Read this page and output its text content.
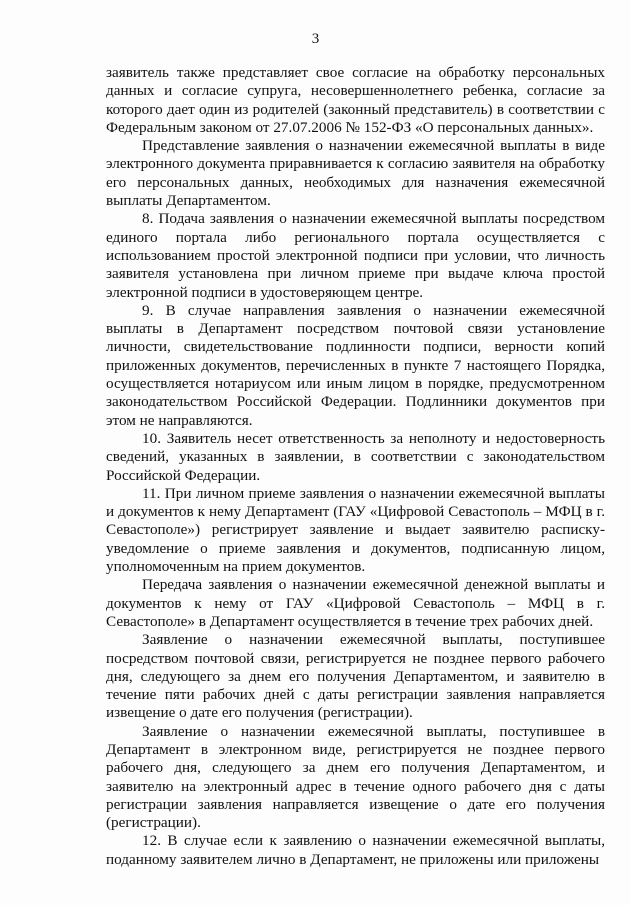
3

заявитель также представляет свое согласие на обработку персональных данных и согласие супруга, несовершеннолетнего ребенка, согласие за которого дает один из родителей (законный представитель) в соответствии с Федеральным законом от 27.07.2006 № 152-ФЗ «О персональных данных».

Представление заявления о назначении ежемесячной выплаты в виде электронного документа приравнивается к согласию заявителя на обработку его персональных данных, необходимых для назначения ежемесячной выплаты Департаментом.

8. Подача заявления о назначении ежемесячной выплаты посредством единого портала либо регионального портала осуществляется с использованием простой электронной подписи при условии, что личность заявителя установлена при личном приеме при выдаче ключа простой электронной подписи в удостоверяющем центре.

9. В случае направления заявления о назначении ежемесячной выплаты в Департамент посредством почтовой связи установление личности, свидетельствование подлинности подписи, верности копий приложенных документов, перечисленных в пункте 7 настоящего Порядка, осуществляется нотариусом или иным лицом в порядке, предусмотренном законодательством Российской Федерации. Подлинники документов при этом не направляются.

10. Заявитель несет ответственность за неполноту и недостоверность сведений, указанных в заявлении, в соответствии с законодательством Российской Федерации.

11. При личном приеме заявления о назначении ежемесячной выплаты и документов к нему Департамент (ГАУ «Цифровой Севастополь – МФЦ в г. Севастополе») регистрирует заявление и выдает заявителю расписку-уведомление о приеме заявления и документов, подписанную лицом, уполномоченным на прием документов.

Передача заявления о назначении ежемесячной денежной выплаты и документов к нему от ГАУ «Цифровой Севастополь – МФЦ в г. Севастополе» в Департамент осуществляется в течение трех рабочих дней.

Заявление о назначении ежемесячной выплаты, поступившее посредством почтовой связи, регистрируется не позднее первого рабочего дня, следующего за днем его получения Департаментом, и заявителю в течение пяти рабочих дней с даты регистрации заявления направляется извещение о дате его получения (регистрации).

Заявление о назначении ежемесячной выплаты, поступившее в Департамент в электронном виде, регистрируется не позднее первого рабочего дня, следующего за днем его получения Департаментом, и заявителю на электронный адрес в течение одного рабочего дня с даты регистрации заявления направляется извещение о дате его получения (регистрации).

12. В случае если к заявлению о назначении ежемесячной выплаты, поданному заявителем лично в Департамент, не приложены или приложены
